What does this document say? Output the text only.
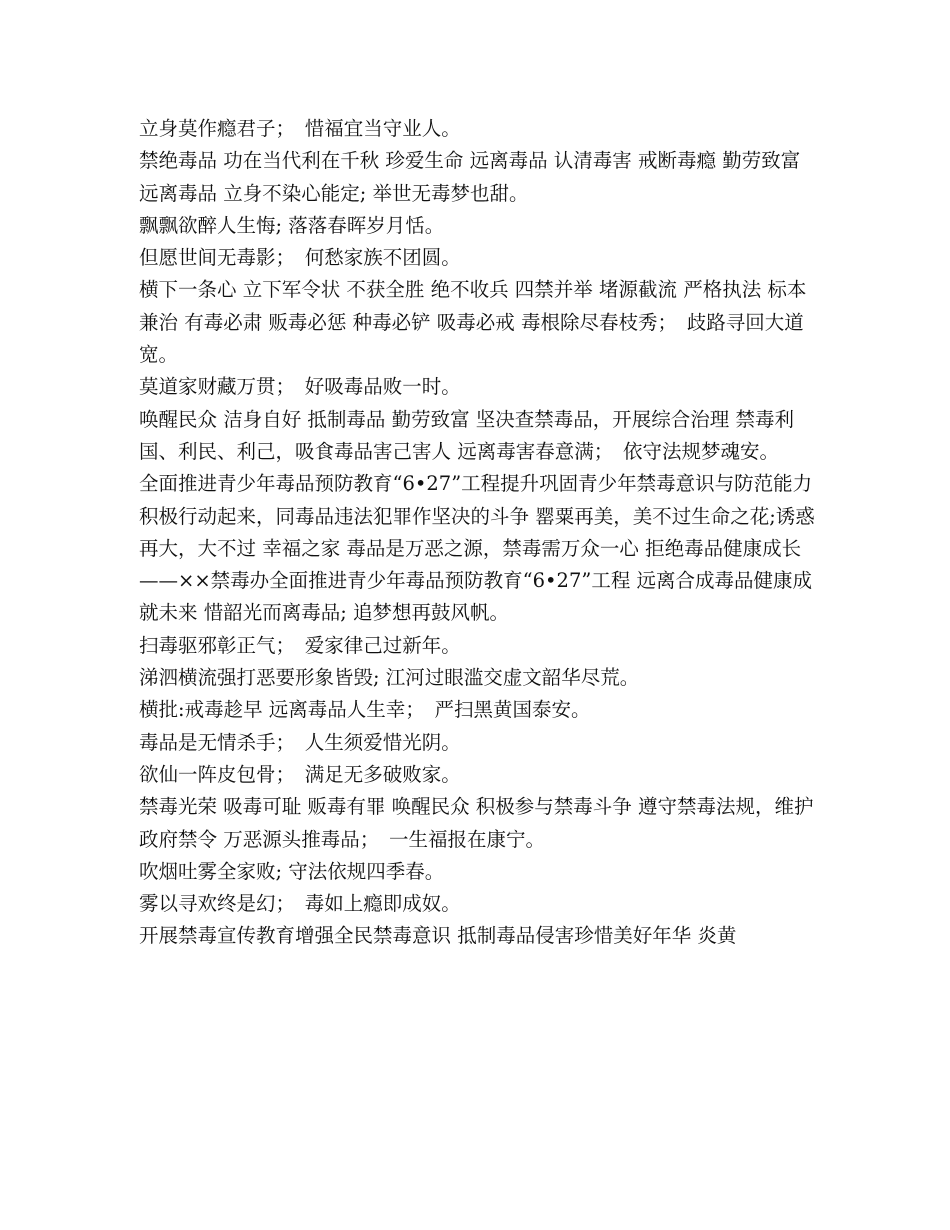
立身莫作瘾君子；　惜福宜当守业人。

禁绝毒品 功在当代利在千秋 珍爱生命 远离毒品 认清毒害 戒断毒瘾 勤劳致富 远离毒品 立身不染心能定; 举世无毒梦也甜。

飘飘欲醉人生悔; 落落春晖岁月恬。

但愿世间无毒影；　何愁家族不团圆。

横下一条心 立下军令状 不获全胜 绝不收兵 四禁并举 堵源截流 严格执法 标本兼治 有毒必肃 贩毒必惩 种毒必铲 吸毒必戒 毒根除尽春枝秀；　歧路寻回大道宽。

莫道家财藏万贯；　好吸毒品败一时。

唤醒民众 洁身自好 抵制毒品 勤劳致富 坚决查禁毒品，开展综合治理 禁毒利国、利民、利己，吸食毒品害己害人 远离毒害春意满；　依守法规梦魂安。

全面推进青少年毒品预防教育“6•27”工程提升巩固青少年禁毒意识与防范能力 积极行动起来，同毒品违法犯罪作坚决的斗争 罂粟再美，美不过生命之花;诱惑再大，大不过 幸福之家 毒品是万恶之源，禁毒需万众一心 拒绝毒品健康成长——××禁毒办全面推进青少年毒品预防教育“6•27”工程 远离合成毒品健康成就未来 惜韶光而离毒品; 追梦想再鼓风帆。

扫毒驱邪彰正气；　爱家律己过新年。

涕泗横流强打恶要形象皆毁; 江河过眼滥交虚文韶华尽荒。

横批:戒毒趁早 远离毒品人生幸；　严扫黑黄国泰安。

毒品是无情杀手；　人生须爱惜光阴。

欲仙一阵皮包骨；　满足无多破败家。

禁毒光荣 吸毒可耻 贩毒有罪 唤醒民众 积极参与禁毒斗争 遵守禁毒法规，维护政府禁令 万恶源头推毒品；　一生福报在康宁。

吹烟吐雾全家败; 守法依规四季春。

雾以寻欢终是幻；　毒如上瘾即成奴。

开展禁毒宣传教育增强全民禁毒意识 抵制毒品侵害珍惜美好年华 炎黄
